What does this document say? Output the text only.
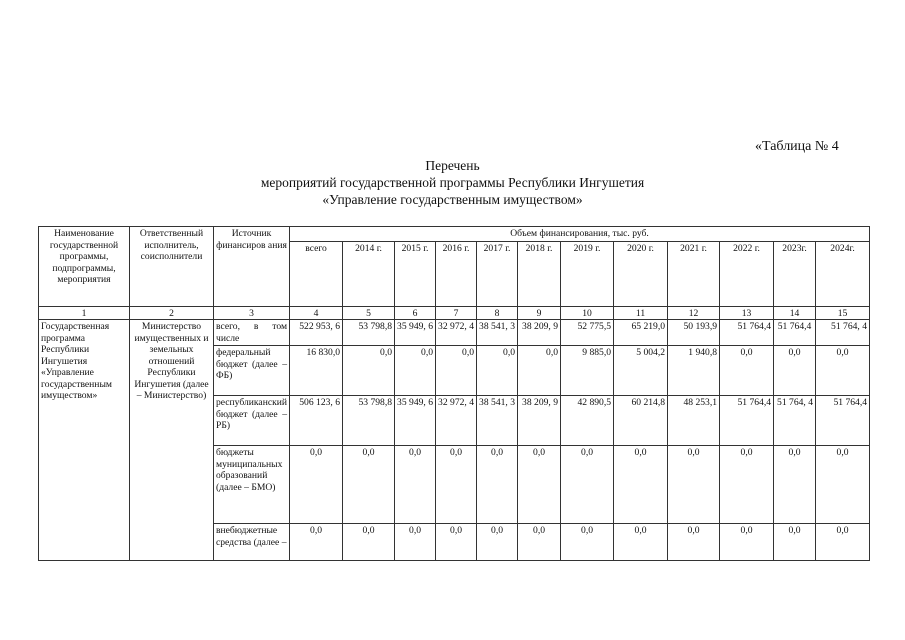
«Таблица № 4
Перечень
мероприятий государственной программы Республики Ингушетия
«Управление государственным имуществом»
Наименование государственной программы, подпрограммы, мероприятия	Ответственный исполнитель, соисполнители	Источник финансиров ания	Объем финансирования, тыс. руб.											
			всего	2014 г.	2015 г.	2016 г.	2017 г.	2018 г.	2019 г.	2020 г.	2021 г.	2022 г.	2023г.	2024г.
1	2	3	4	5	6	7	8	9	10	11	12	13	14	15
Государственная программа Республики Ингушетия «Управление государственным имуществом»	Министерство имущественных и земельных отношений Республики Ингушетия (далее – Министерство)	всего, в том числе	522 953, 6	53 798,8	35 949, 6	32 972, 4	38 541, 3	38 209, 9	52 775,5	65 219,0	50 193,9	51 764,4	51 764,4	51 764, 4
		федеральный бюджет (далее – ФБ)	16 830,0	0,0	0,0	0,0	0,0	0,0	9 885,0	5 004,2	1 940,8	0,0	0,0	0,0
		республиканский бюджет (далее – РБ)	506 123, 6	53 798,8	35 949, 6	32 972, 4	38 541, 3	38 209, 9	42 890,5	60 214,8	48 253,1	51 764,4	51 764, 4	51 764,4
		бюджеты муниципальных образований (далее – БМО)	0,0	0,0	0,0	0,0	0,0	0,0	0,0	0,0	0,0	0,0	0,0	0,0
		внебюджетные средства (далее –	0,0	0,0	0,0	0,0	0,0	0,0	0,0	0,0	0,0	0,0	0,0	0,0
